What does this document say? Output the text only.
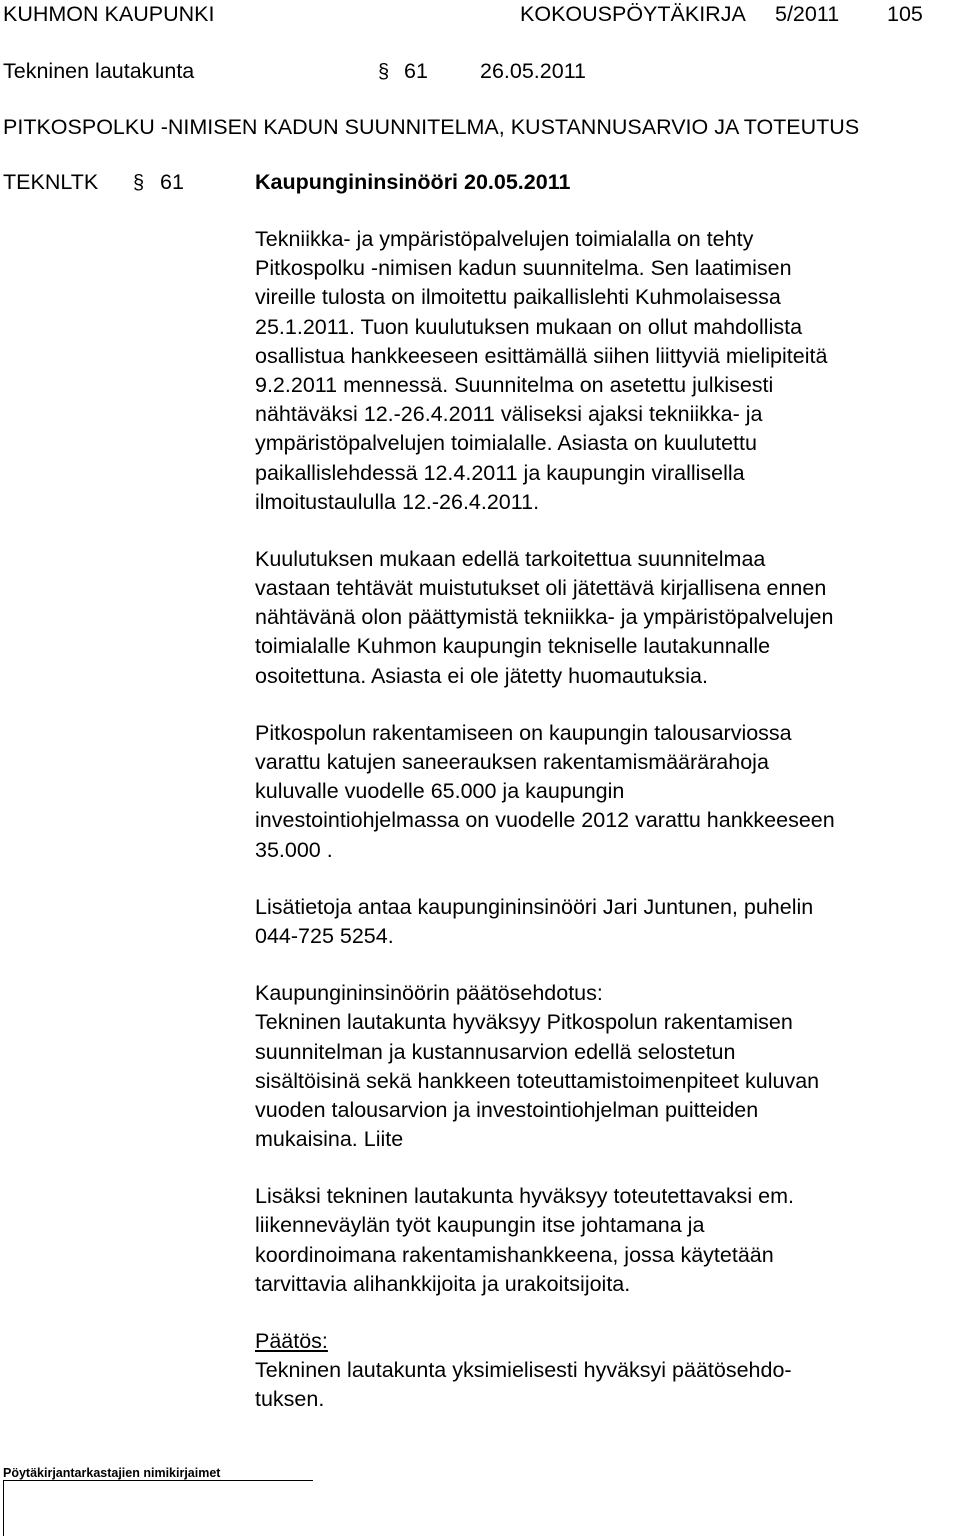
KUHMON KAUPUNKI	KOKOUSPÖYTÄKIRJA 5/2011 105
Tekninen lautakunta	§ 61 26.05.2011
PITKOSPOLKU -NIMISEN KADUN SUUNNITELMA, KUSTANNUSARVIO JA TOTEUTUS
TEKNLTK § 61	Kaupungininsinööri 20.05.2011
Tekniikka- ja ympäristöpalvelujen toimialalla on tehty
Pitkospolku -nimisen kadun suunnitelma. Sen laatimisen
vireille tulosta on ilmoitettu paikallislehti Kuhmolaisessa
25.1.2011. Tuon kuulutuksen mukaan on ollut mahdollista
osallistua hankkeeseen esittämällä siihen liittyviä mielipiteitä
9.2.2011 mennessä. Suunnitelma on asetettu julkisesti
nähtäväksi 12.-26.4.2011 väliseksi ajaksi tekniikka- ja
ympäristöpalvelujen toimialalle. Asiasta on kuulutettu
paikallislehdessä 12.4.2011 ja kaupungin virallisella
ilmoitustaululla 12.-26.4.2011.
Kuulutuksen mukaan edellä tarkoitettua suunnitelmaa
vastaan tehtävät muistutukset oli jätettävä kirjallisena ennen
nähtävänä olon päättymistä tekniikka- ja ympäristöpalvelujen
toimialalle Kuhmon kaupungin tekniselle lautakunnalle
osoitettuna. Asiasta ei ole jätetty huomautuksia.
Pitkospolun rakentamiseen on kaupungin talousarviossa
varattu katujen saneerauksen rakentamismäärärahoja
kuluvalle vuodelle 65.000 ja kaupungin
investointiohjelmassa on vuodelle 2012 varattu hankkeeseen
35.000 .
Lisätietoja antaa kaupungininsinööri Jari Juntunen, puhelin
044-725 5254.
Kaupungininsinöörin päätösehdotus:
Tekninen lautakunta hyväksyy Pitkospolun rakentamisen
suunnitelman ja kustannusarvion edellä selostetun
sisältöisinä sekä hankkeen toteuttamistoimenpiteet kuluvan
vuoden talousarvion ja investointiohjelman puitteiden
mukaisina. Liite
Lisäksi tekninen lautakunta hyväksyy toteutettavaksi em.
liikenneväylän työt kaupungin itse johtamana ja
koordinoimana rakentamishankkeena, jossa käytetään
tarvittavia alihankkijoita ja urakoitsijoita.
Päätös:
Tekninen lautakunta yksimielisesti hyväksyi päätösehdo-
tuksen.
Pöytäkirjantarkastajien nimikirjaimet
